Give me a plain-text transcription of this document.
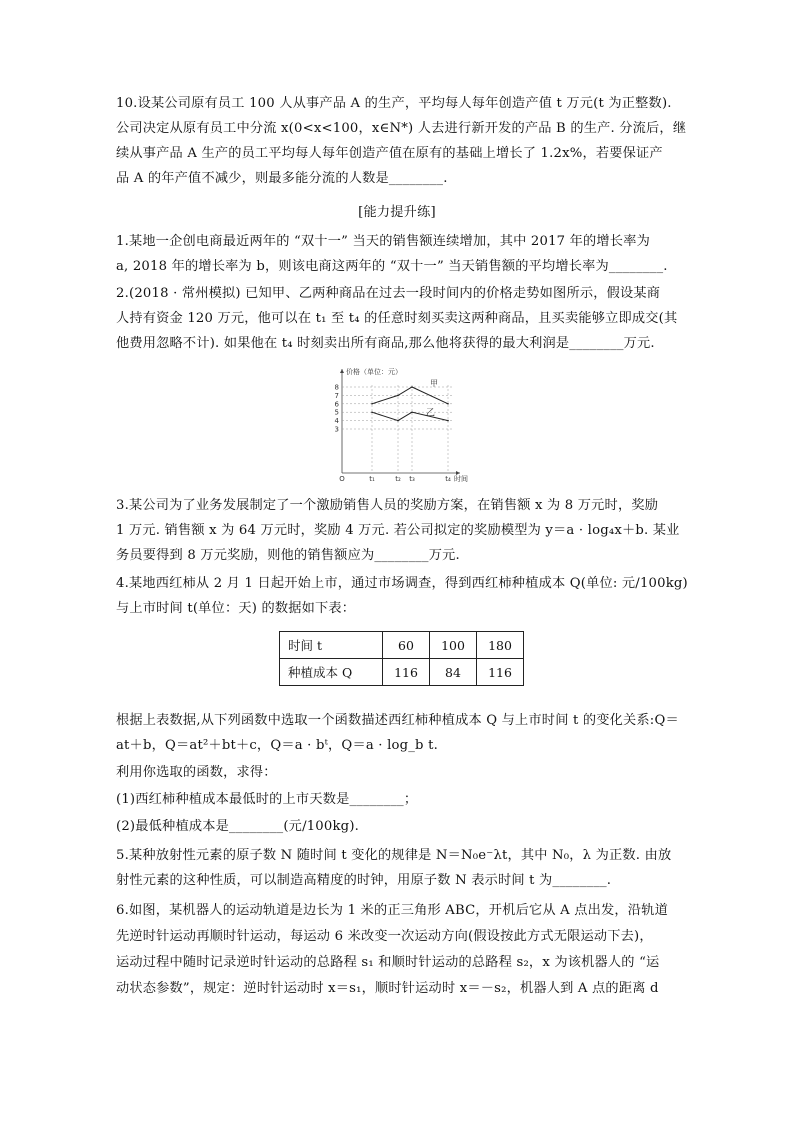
10.设某公司原有员工 100 人从事产品 A 的生产，平均每人每年创造产值 t 万元(t 为正整数).
公司决定从原有员工中分流 x(0<x<100，x∈N*) 人去进行新开发的产品 B 的生产. 分流后，继
续从事产品 A 生产的员工平均每人每年创造产值在原有的基础上增长了 1.2x%，若要保证产
品 A 的年产值不减少，则最多能分流的人数是________.
[能力提升练]
1.某地一企创电商最近两年的 “双十一” 当天的销售额连续增加，其中 2017 年的增长率为
a, 2018 年的增长率为 b，则该电商这两年的 “双十一” 当天销售额的平均增长率为________.
2.(2018 · 常州模拟) 已知甲、乙两种商品在过去一段时间内的价格走势如图所示，假设某商
人持有资金 120 万元，他可以在 t₁ 至 t₄ 的任意时刻买卖这两种商品，且买卖能够立即成交(其
他费用忽略不计). 如果他在 t₄ 时刻卖出所有商品,那么他将获得的最大利润是________万元.
3
4
5
6
7
8
O	t₁	t₂ t₃	t₄
价格（单位：元）
时间
甲
乙
3.某公司为了业务发展制定了一个激励销售人员的奖励方案，在销售额 x 为 8 万元时，奖励
1 万元. 销售额 x 为 64 万元时，奖励 4 万元. 若公司拟定的奖励模型为 y＝a · log₄x＋b. 某业
务员要得到 8 万元奖励，则他的销售额应为________万元.
4.某地西红柿从 2 月 1 日起开始上市，通过市场调查，得到西红柿种植成本 Q(单位: 元/100kg)
与上市时间 t(单位：天) 的数据如下表：
时间 t	60	100	180
种植成本 Q	116	84	116
根据上表数据,从下列函数中选取一个函数描述西红柿种植成本 Q 与上市时间 t 的变化关系:Q＝
at＋b，Q＝at²＋bt＋c，Q＝a · bᵗ，Q＝a · log_b t.
利用你选取的函数，求得：
(1)西红柿种植成本最低时的上市天数是________；
(2)最低种植成本是________(元/100kg).
5.某种放射性元素的原子数 N 随时间 t 变化的规律是 N＝N₀e⁻λt，其中 N₀，λ 为正数. 由放
射性元素的这种性质，可以制造高精度的时钟，用原子数 N 表示时间 t 为________.
6.如图，某机器人的运动轨道是边长为 1 米的正三角形 ABC，开机后它从 A 点出发，沿轨道
先逆时针运动再顺时针运动，每运动 6 米改变一次运动方向(假设按此方式无限运动下去)，
运动过程中随时记录逆时针运动的总路程 s₁ 和顺时针运动的总路程 s₂，x 为该机器人的 “运
动状态参数”，规定：逆时针运动时 x＝s₁，顺时针运动时 x＝－s₂，机器人到 A 点的距离 d
